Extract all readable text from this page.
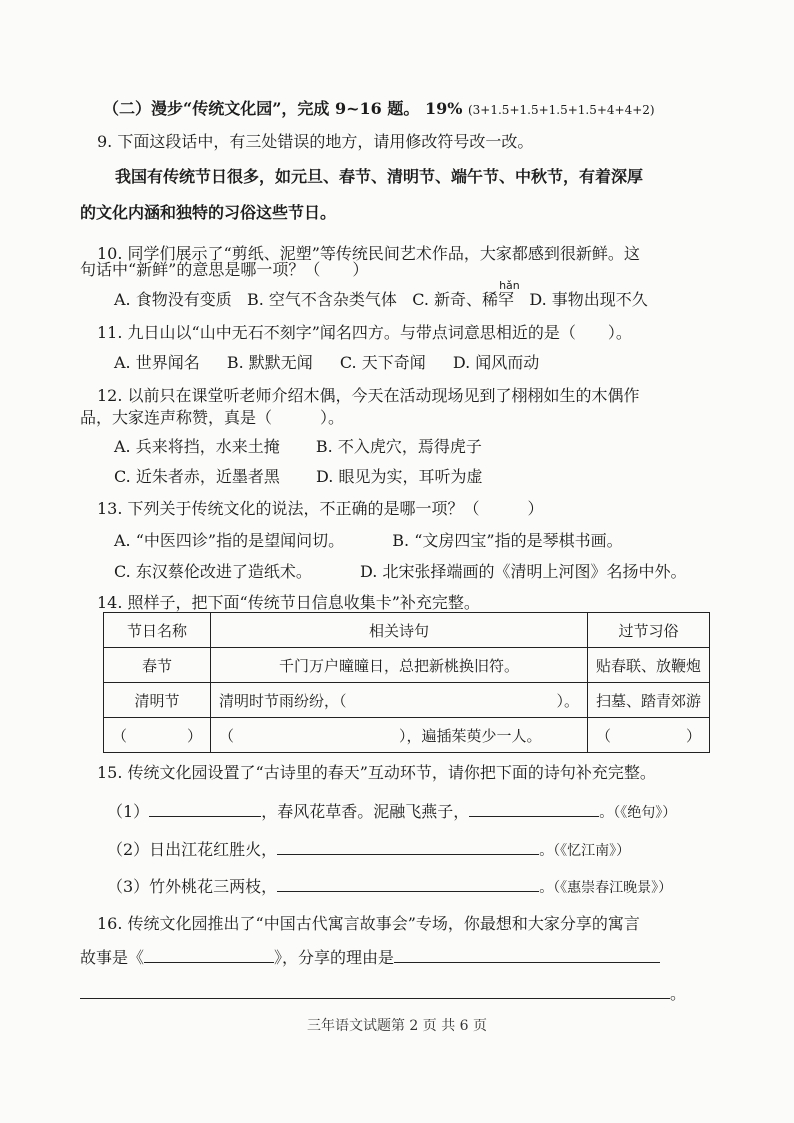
（二）漫步“传统文化园”，完成 9~16 题。 19% (3+1.5+1.5+1.5+1.5+4+4+2)
9. 下面这段话中，有三处错误的地方，请用修改符号改一改。
我国有传统节日很多，如元旦、春节、清明节、端午节、中秋节，有着深厚
的文化内涵和独特的习俗这些节日。
10. 同学们展示了“剪纸、泥塑”等传统民间艺术作品，大家都感到很新鲜。这
句话中“新鲜”的意思是哪一项？（　　）
A. 食物没有变质 B. 空气不含杂类气体 C. 新奇、稀
hǎn
罕 D. 事物出现不久
11. 九日山以“山中无石不刻字”闻名四方。与带点词意思相近的是（　　）。
A. 世界闻名 B. 默默无闻 C. 天下奇闻 D. 闻风而动
12. 以前只在课堂听老师介绍木偶，今天在活动现场见到了栩栩如生的木偶作
品，大家连声称赞，真是（　　　）。
A. 兵来将挡，水来土掩 B. 不入虎穴，焉得虎子
C. 近朱者赤，近墨者黑 D. 眼见为实，耳听为虚
13. 下列关于传统文化的说法，不正确的是哪一项？（　　　）
A. “中医四诊”指的是望闻问切。	B. “文房四宝”指的是琴棋书画。
C. 东汉蔡伦改进了造纸术。	D. 北宋张择端画的《清明上河图》名扬中外。
14. 照样子，把下面“传统节日信息收集卡”补充完整。
节日名称	相关诗句	过节习俗
春节	千门万户曈曈日，总把新桃换旧符。	贴春联、放鞭炮
清明节	清明时节雨纷纷，（　　　　　　　　　　　　　　）。	扫墓、踏青郊游
（　　　　）	（　　　　　　　　　　　），遍插茱萸少一人。	（　　　　　）
15. 传统文化园设置了“古诗里的春天”互动环节，请你把下面的诗句补充完整。
（1）	，春风花草香。泥融飞燕子，	。（《绝句》）
（2）日出江花红胜火，	。（《忆江南》）
（3）竹外桃花三两枝，	。（《惠崇春江晚景》）
16. 传统文化园推出了“中国古代寓言故事会”专场，你最想和大家分享的寓言
故事是《	》，分享的理由是
。
三年语文试题第 2 页 共 6 页
